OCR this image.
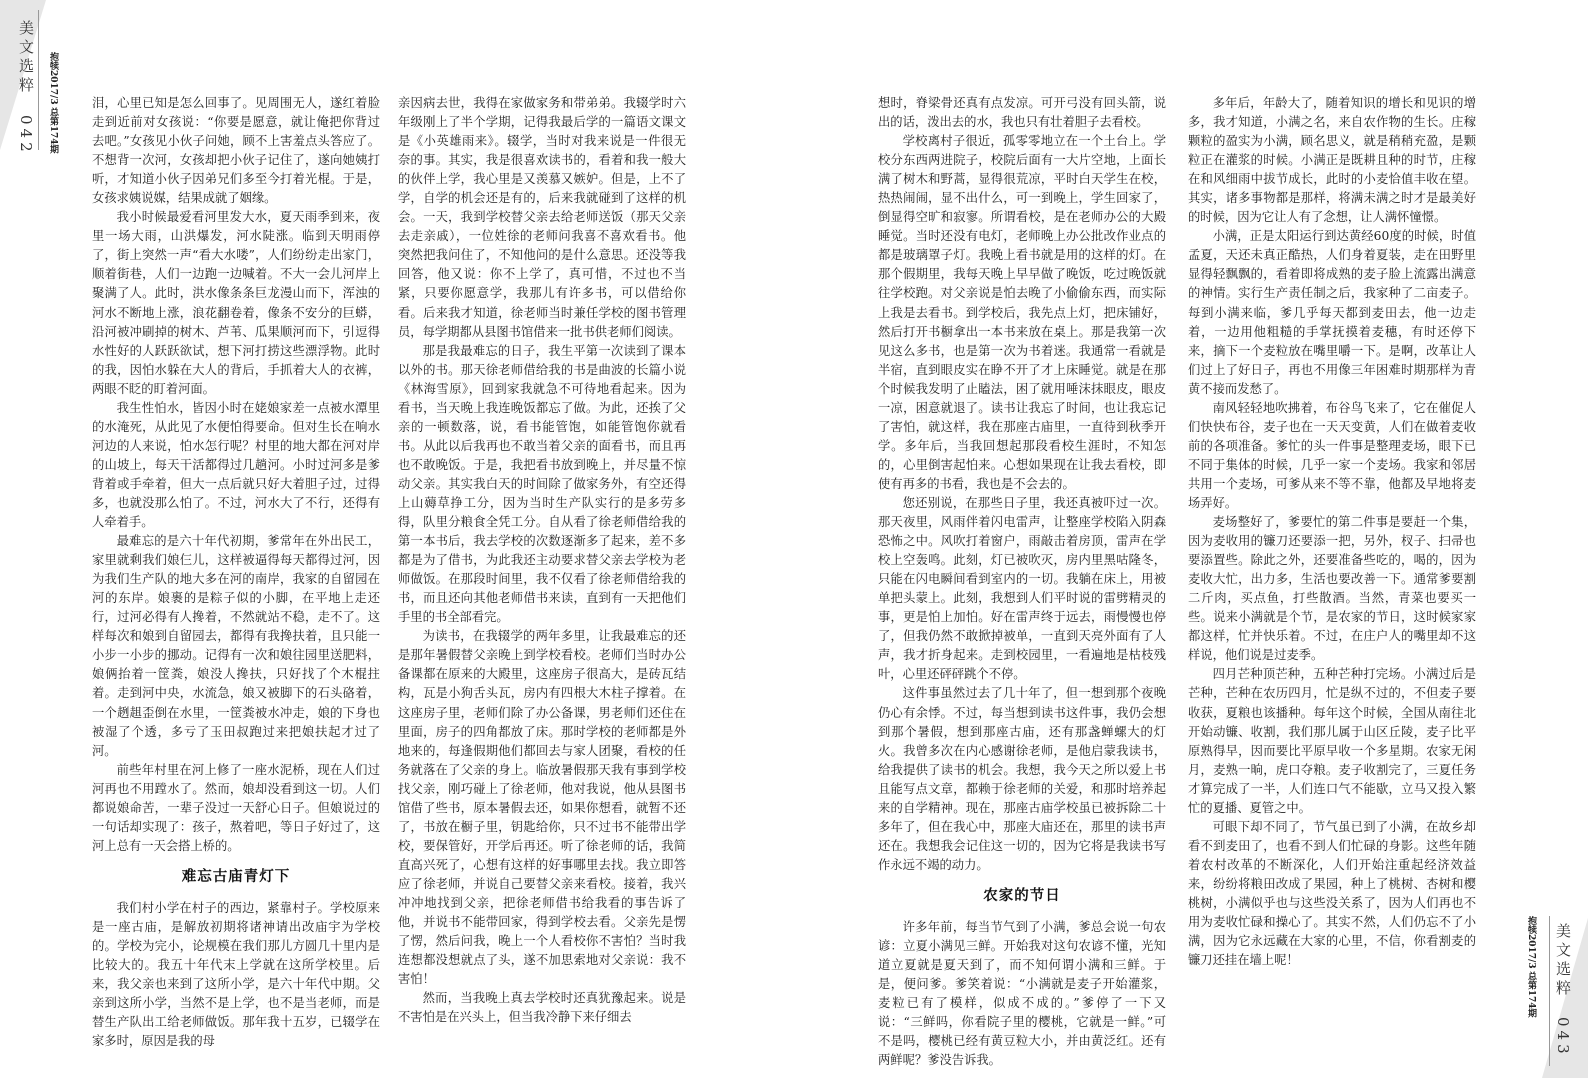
美文选粹 042 抱犊2017/3 总第174期
美文选粹 043
抱犊2017/3 总第174期

泪，心里已知是怎么回事了。见周围无人，遂红着脸走到近前对女孩说：“你要是愿意，就让俺把你背过去吧。”女孩见小伙子问她，顾不上害羞点头答应了。不想背一次河，女孩却把小伙子记住了，遂向她姨打听，才知道小伙子因弟兄们多至今打着光棍。于是，女孩求姨说媒，结果成就了姻缘。

我小时候最爱看河里发大水，夏天雨季到来，夜里一场大雨，山洪爆发，河水陡涨。临到天明雨停了，街上突然一声“看大水喽”，人们纷纷走出家门，顺着街巷，人们一边跑一边喊着。不大一会儿河岸上聚满了人。此时，洪水像条条巨龙漫山而下，浑浊的河水不断地上涨，浪花翻卷着，像条不安分的巨蟒，沿河被冲刷掉的树木、芦苇、瓜果顺河而下，引逗得水性好的人跃跃欲试，想下河打捞这些漂浮物。此时的我，因怕水躲在大人的背后，手抓着大人的衣裤，两眼不眨的盯着河面。

我生性怕水，皆因小时在姥娘家差一点被水潭里的水淹死，从此见了水便怕得要命。但对生长在响水河边的人来说，怕水怎行呢？村里的地大都在河对岸的山坡上，每天干活都得过几趟河。小时过河多是爹背着或手牵着，但大一点后就只好大着胆子过，过得多，也就没那么怕了。不过，河水大了不行，还得有人牵着手。

最难忘的是六十年代初期，爹常年在外出民工，家里就剩我们娘仨儿，这样被逼得每天都得过河，因为我们生产队的地大多在河的南岸，我家的自留园在河的东岸。娘裹的是粽子似的小脚，在平地上走还行，过河必得有人搀着，不然就站不稳，走不了。这样每次和娘到自留园去，都得有我搀扶着，且只能一小步一小步的挪动。记得有一次和娘往园里送肥料，娘俩抬着一筐粪，娘没人搀扶，只好找了个木棍拄着。走到河中央，水流急，娘又被脚下的石头硌着，一个趔趄歪倒在水里，一筐粪被水冲走，娘的下身也被湿了个透，多亏了玉田叔跑过来把娘扶起才过了河。

前些年村里在河上修了一座水泥桥，现在人们过河再也不用蹚水了。然而，娘却没看到这一切。人们都说娘命苦，一辈子没过一天舒心日子。但娘说过的一句话却实现了：孩子，熬着吧，等日子好过了，这河上总有一天会搭上桥的。

难忘古庙青灯下

我们村小学在村子的西边，紧靠村子。学校原来是一座古庙，是解放初期将诸神请出改庙宇为学校的。学校为完小，论规模在我们那儿方圆几十里内是比较大的。我五十年代末上学就在这所学校里。后来，我父亲也来到了这所小学，是六十年代中期。父亲到这所小学，当然不是上学，也不是当老师，而是替生产队出工给老师做饭。那年我十五岁，已辍学在家多时，原因是我的母

亲因病去世，我得在家做家务和带弟弟。我辍学时六年级刚上了半个学期，记得我最后学的一篇语文课文是《小英雄雨来》。辍学，当时对我来说是一件很无奈的事。其实，我是很喜欢读书的，看着和我一般大的伙伴上学，我心里是又羡慕又嫉妒。但是，上不了学，自学的机会还是有的，后来我就碰到了这样的机会。一天，我到学校替父亲去给老师送饭（那天父亲去走亲戚），一位姓徐的老师问我喜不喜欢看书。他突然把我问住了，不知他问的是什么意思。还没等我回答，他又说：你不上学了，真可惜，不过也不当紧，只要你愿意学，我那儿有许多书，可以借给你看。后来我才知道，徐老师当时兼任学校的图书管理员，每学期都从县图书馆借来一批书供老师们阅读。

那是我最难忘的日子，我生平第一次读到了课本以外的书。那天徐老师借给我的书是曲波的长篇小说《林海雪原》，回到家我就急不可待地看起来。因为看书，当天晚上我连晚饭都忘了做。为此，还挨了父亲的一顿数落，说，看书能管饱，如能管饱你就看书。从此以后我再也不敢当着父亲的面看书，而且再也不敢晚饭。于是，我把看书放到晚上，并尽量不惊动父亲。其实我白天的时间除了做家务外，有空还得上山薅草挣工分，因为当时生产队实行的是多劳多得，队里分粮食全凭工分。自从看了徐老师借给我的第一本书后，我去学校的次数逐渐多了起来，差不多都是为了借书，为此我还主动要求替父亲去学校为老师做饭。在那段时间里，我不仅看了徐老师借给我的书，而且还向其他老师借书来读，直到有一天把他们手里的书全部看完。

为读书，在我辍学的两年多里，让我最难忘的还是那年暑假替父亲晚上到学校看校。老师们当时办公备课都在原来的大殿里，这座房子很高大，是砖瓦结构，瓦是小狗舌头瓦，房内有四根大木柱子撑着。在这座房子里，老师们除了办公备课，男老师们还住在里面，房子的四角都放了床。那时学校的老师都是外地来的，每逢假期他们都回去与家人团聚，看校的任务就落在了父亲的身上。临放暑假那天我有事到学校找父亲，刚巧碰上了徐老师，他对我说，他从县图书馆借了些书，原本暑假去还，如果你想看，就暂不还了，书放在橱子里，钥匙给你，只不过书不能带出学校，要保管好，开学后再还。听了徐老师的话，我简直高兴死了，心想有这样的好事哪里去找。我立即答应了徐老师，并说自己要替父亲来看校。接着，我兴冲冲地找到父亲，把徐老师借书给我看的事告诉了他，并说书不能带回家，得到学校去看。父亲先是愣了愣，然后问我，晚上一个人看校你不害怕？当时我连想都没想就点了头，遂不加思索地对父亲说：我不害怕！

然而，当我晚上真去学校时还真犹豫起来。说是不害怕是在兴头上，但当我冷静下来仔细去

想时，脊梁骨还真有点发凉。可开弓没有回头箭，说出的话，泼出去的水，我也只有壮着胆子去看校。

学校离村子很近，孤零零地立在一个土台上。学校分东西两进院子，校院后面有一大片空地，上面长满了树木和野蒿，显得很荒凉，平时白天学生在校，热热闹闹，显不出什么，可一到晚上，学生回家了，倒显得空旷和寂寥。所谓看校，是在老师办公的大殿睡觉。当时还没有电灯，老师晚上办公批改作业点的都是玻璃罩子灯。我晚上看书就是用的这样的灯。在那个假期里，我每天晚上早早做了晚饭，吃过晚饭就往学校跑。对父亲说是怕去晚了小偷偷东西，而实际上我是去看书。到学校后，我先点上灯，把床铺好，然后打开书橱拿出一本书来放在桌上。那是我第一次见这么多书，也是第一次为书着迷。我通常一看就是半宿，直到眼皮实在睁不开了才上床睡觉。就是在那个时候我发明了止瞌法，困了就用唾沫抹眼皮，眼皮一凉，困意就退了。读书让我忘了时间，也让我忘记了害怕，就这样，我在那座古庙里，一直待到秋季开学。多年后，当我回想起那段看校生涯时，不知怎的，心里倒害起怕来。心想如果现在让我去看校，即使有再多的书看，我也是不会去的。

您还别说，在那些日子里，我还真被吓过一次。那天夜里，风雨伴着闪电雷声，让整座学校陷入阴森恐怖之中。风吹打着窗户，雨敲击着房顶，雷声在学校上空轰鸣。此刻，灯已被吹灭，房内里黑咕隆冬，只能在闪电瞬间看到室内的一切。我躺在床上，用被单把头蒙上。此刻，我想到人们平时说的雷劈精灵的事，更是怕上加怕。好在雷声终于远去，雨慢慢也停了，但我仍然不敢掀掉被单，一直到天亮外面有了人声，我才折身起来。走到校园里，一看遍地是枯枝残叶，心里还砰砰跳个不停。

这件事虽然过去了几十年了，但一想到那个夜晚仍心有余悸。不过，每当想到读书这件事，我仍会想到那个暑假，想到那座古庙，还有那盏蝉螺大的灯火。我曾多次在内心感谢徐老师，是他启蒙我读书，给我提供了读书的机会。我想，我今天之所以爱上书且能写点文章，都赖于徐老师的关爱，和那时培养起来的自学精神。现在，那座古庙学校虽已被拆除二十多年了，但在我心中，那座大庙还在，那里的读书声还在。我想我会记住这一切的，因为它将是我读书写作永远不竭的动力。

农家的节日

许多年前，每当节气到了小满，爹总会说一句农谚：立夏小满见三鲜。开始我对这句农谚不懂，光知道立夏就是夏天到了，而不知何谓小满和三鲜。于是，便问爹。爹笑着说：“小满就是麦子开始灌浆，麦粒已有了模样，似成不成的。”爹停了一下又说：“三鲜吗，你看院子里的樱桃，它就是一鲜。”可不是吗，樱桃已经有黄豆粒大小，并由黄泛红。还有两鲜呢？爹没告诉我。

多年后，年龄大了，随着知识的增长和见识的增多，我才知道，小满之名，来自农作物的生长。庄稼颗粒的盈实为小满，顾名思义，就是稍稍充盈，是颗粒正在灌浆的时候。小满正是既耕且种的时节，庄稼在和风细雨中拔节成长，此时的小麦恰值丰收在望。其实，诸多事物都是那样，将满未满之时才是最美好的时候，因为它让人有了念想，让人满怀憧憬。

小满，正是太阳运行到达黄经60度的时候，时值孟夏，天还未真正酷热，人们身着夏装，走在田野里显得轻飘飘的，看着即将成熟的麦子脸上流露出满意的神情。实行生产责任制之后，我家种了二亩麦子。每到小满来临，爹几乎每天都到麦田去，他一边走着，一边用他粗糙的手掌抚摸着麦穗，有时还停下来，摘下一个麦粒放在嘴里嚼一下。是啊，改革让人们过上了好日子，再也不用像三年困难时期那样为青黄不接而发愁了。

南风轻轻地吹拂着，布谷鸟飞来了，它在催促人们快快布谷，麦子也在一天天变黄，人们在做着麦收前的各项准备。爹忙的头一件事是整理麦场，眼下已不同于集体的时候，几乎一家一个麦场。我家和邻居共用一个麦场，可爹从来不等不靠，他都及早地将麦场弄好。

麦场整好了，爹要忙的第二件事是要赶一个集，因为麦收用的镰刀还要添一把，另外，杈子、扫帚也要添置些。除此之外，还要准备些吃的，喝的，因为麦收大忙，出力多，生活也要改善一下。通常爹要割二斤肉，买点鱼，打些散酒。当然，青菜也要买一些。说来小满就是个节，是农家的节日，这时候家家都这样，忙并快乐着。不过，在庄户人的嘴里却不这样说，他们说是过麦季。

四月芒种顶芒种，五种芒种打完场。小满过后是芒种，芒种在农历四月，忙是纵不过的，不但麦子要收获，夏粮也该播种。每年这个时候，全国从南往北开始动镰、收割，我们那儿属于山区丘陵，麦子比平原熟得早，因而要比平原早收一个多星期。农家无闲月，麦熟一晌，虎口夺粮。麦子收割完了，三夏任务才算完成了一半，人们连口气不能歇，立马又投入繁忙的夏播、夏管之中。

可眼下却不同了，节气虽已到了小满，在故乡却看不到麦田了，也看不到人们忙碌的身影。这些年随着农村改革的不断深化，人们开始注重起经济效益来，纷纷将粮田改成了果园，种上了桃树、杏树和樱桃树，小满似乎也与这些没关系了，因为人们再也不用为麦收忙碌和操心了。其实不然，人们仍忘不了小满，因为它永远藏在大家的心里，不信，你看割麦的镰刀还挂在墙上呢！
